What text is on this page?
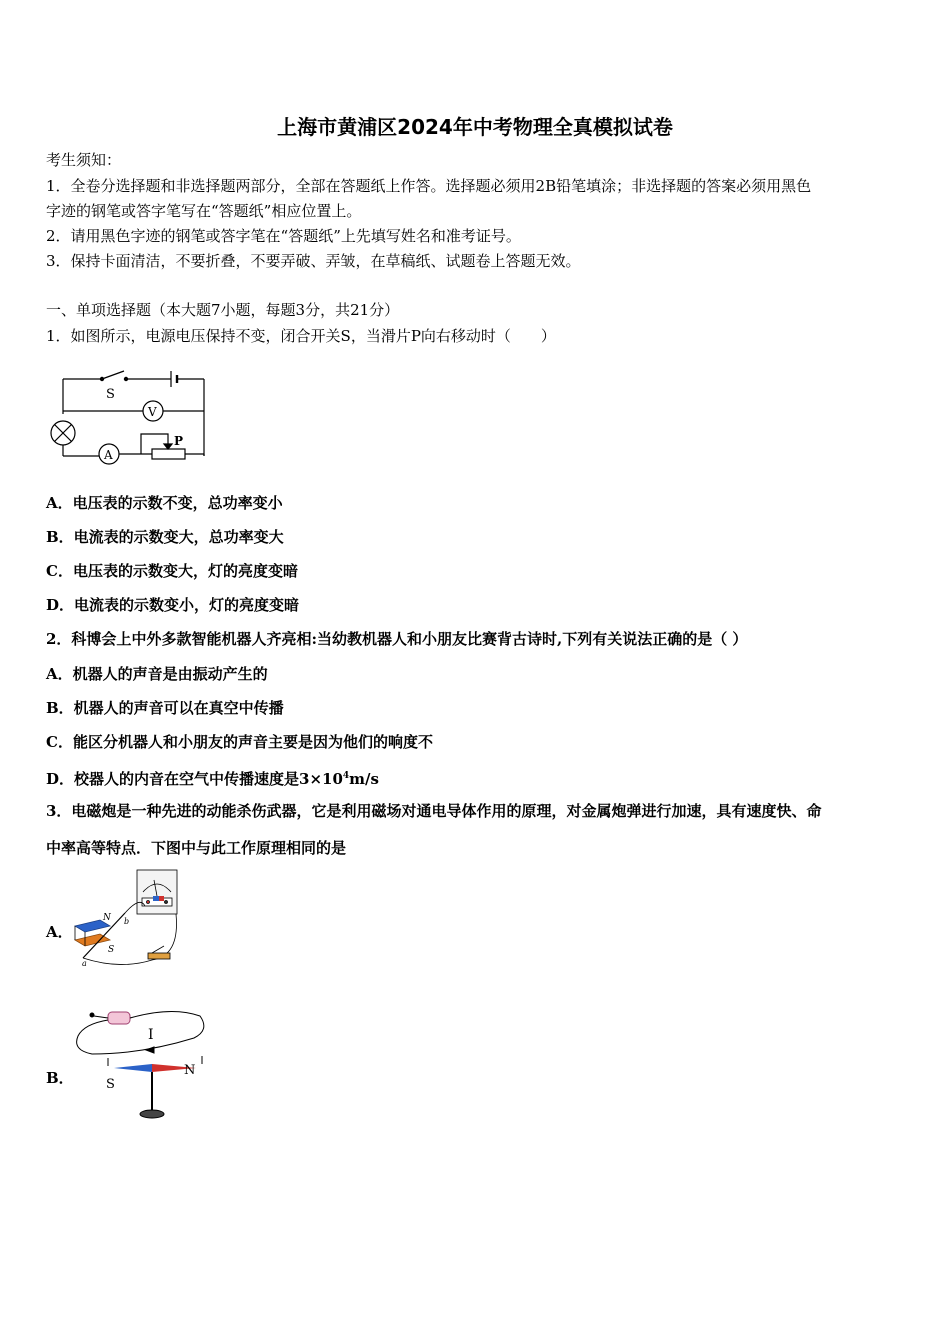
上海市黄浦区2024年中考物理全真模拟试卷
考生须知：
1．全卷分选择题和非选择题两部分，全部在答题纸上作答。选择题必须用2B铅笔填涂；非选择题的答案必须用黑色
字迹的钢笔或答字笔写在“答题纸”相应位置上。
2．请用黑色字迹的钢笔或答字笔在“答题纸”上先填写姓名和准考证号。
3．保持卡面清洁，不要折叠，不要弄破、弄皱，在草稿纸、试题卷上答题无效。
一、单项选择题（本大题7小题，每题3分，共21分）
1．如图所示，电源电压保持不变，闭合开关S，当滑片P向右移动时（　　）
S
V
A
P
A．电压表的示数不变，总功率变小
B．电流表的示数变大，总功率变大
C．电压表的示数变大，灯的亮度变暗
D．电流表的示数变小，灯的亮度变暗
2．科博会上中外多款智能机器人齐亮相:当幼教机器人和小朋友比赛背古诗时,下列有关说法正确的是（ ）
A．机器人的声音是由振动产生的
B．机器人的声音可以在真空中传播
C．能区分机器人和小朋友的声音主要是因为他们的响度不
D．校器人的内音在空气中传播速度是$3\times 10^4m/s$
3．电磁炮是一种先进的动能杀伤武器，它是利用磁场对通电导体作用的原理，对金属炮弹进行加速，具有速度快、命
中率高等特点．下图中与此工作原理相同的是
A．
N
S
a
b
B．
I
S
N
